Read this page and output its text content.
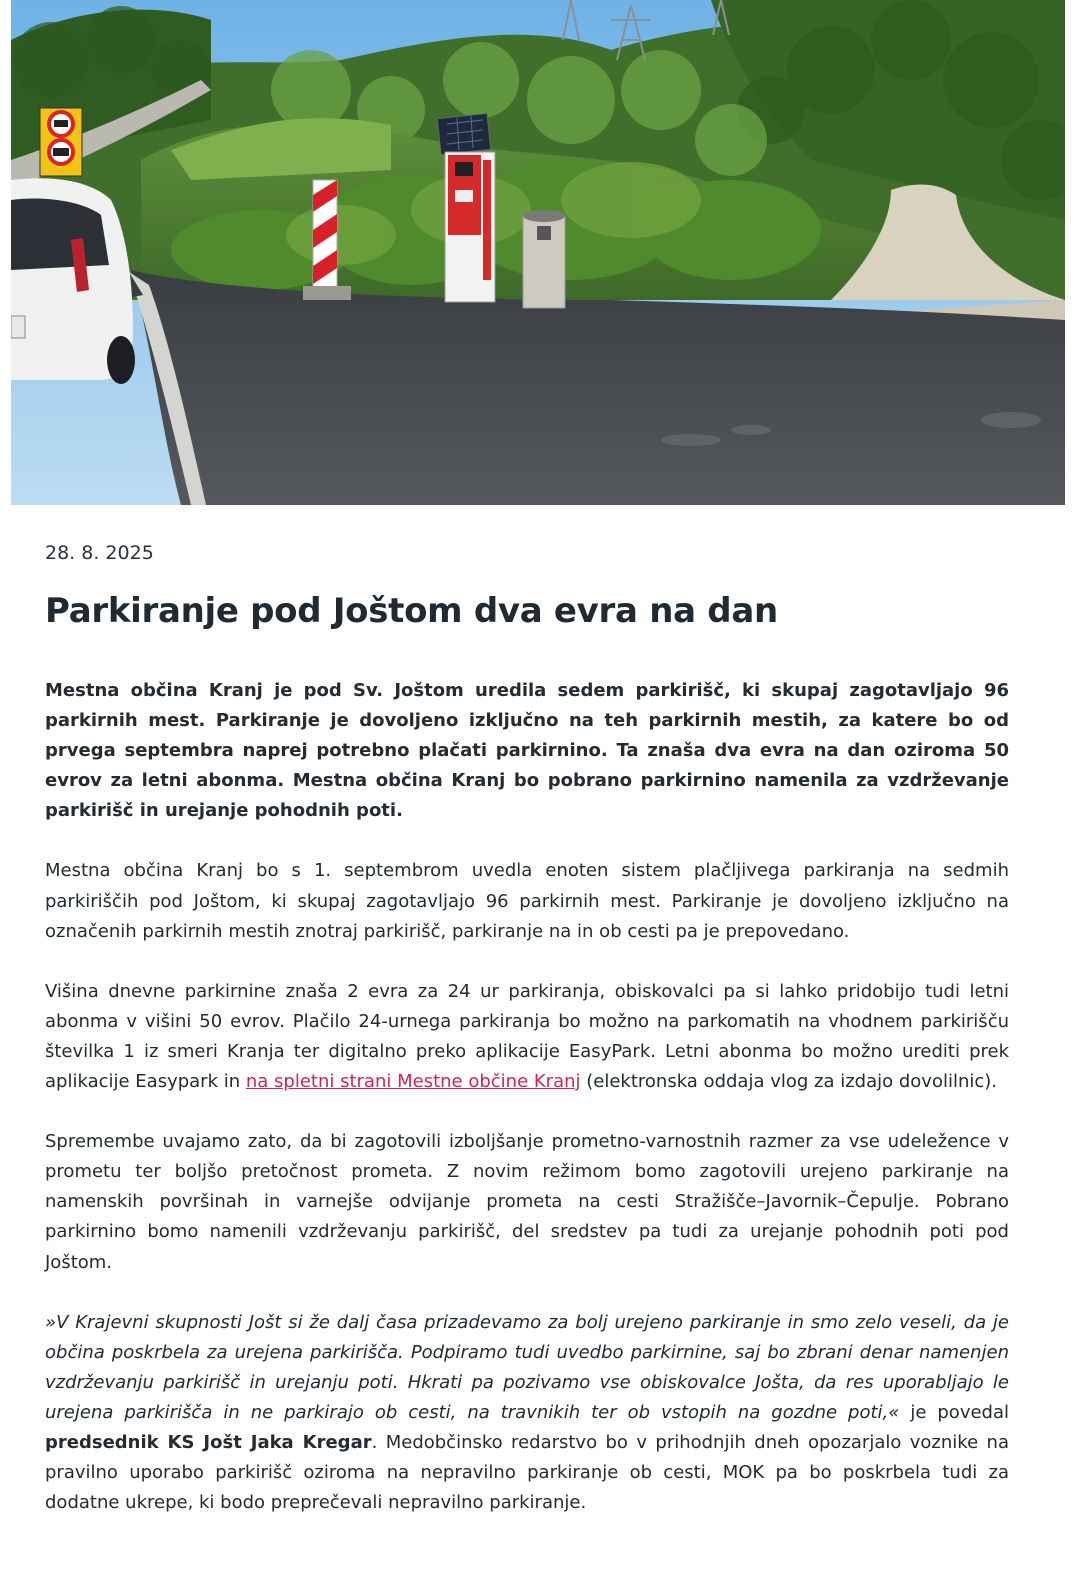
28. 8. 2025
Parkiranje pod Joštom dva evra na dan

Mestna občina Kranj je pod Sv. Joštom uredila sedem parkirišč, ki skupaj zagotavljajo 96 parkirnih mest. Parkiranje je dovoljeno izključno na teh parkirnih mestih, za katere bo od prvega septembra naprej potrebno plačati parkirnino. Ta znaša dva evra na dan oziroma 50 evrov za letni abonma. Mestna občina Kranj bo pobrano parkirnino namenila za vzdrževanje parkirišč in urejanje pohodnih poti.

Mestna občina Kranj bo s 1. septembrom uvedla enoten sistem plačljivega parkiranja na sedmih parkiriščih pod Joštom, ki skupaj zagotavljajo 96 parkirnih mest. Parkiranje je dovoljeno izključno na označenih parkirnih mestih znotraj parkirišč, parkiranje na in ob cesti pa je prepovedano.

Višina dnevne parkirnine znaša 2 evra za 24 ur parkiranja, obiskovalci pa si lahko pridobijo tudi letni abonma v višini 50 evrov. Plačilo 24-urnega parkiranja bo možno na parkomatih na vhodnem parkirišču številka 1 iz smeri Kranja ter digitalno preko aplikacije EasyPark. Letni abonma bo možno urediti prek aplikacije Easypark in na spletni strani Mestne občine Kranj (elektronska oddaja vlog za izdajo dovolilnic).

Spremembe uvajamo zato, da bi zagotovili izboljšanje prometno-varnostnih razmer za vse udeležence v prometu ter boljšo pretočnost prometa. Z novim režimom bomo zagotovili urejeno parkiranje na namenskih površinah in varnejše odvijanje prometa na cesti Stražišče–Javornik–Čepulje. Pobrano parkirnino bomo namenili vzdrževanju parkirišč, del sredstev pa tudi za urejanje pohodnih poti pod Joštom.

»V Krajevni skupnosti Jošt si že dalj časa prizadevamo za bolj urejeno parkiranje in smo zelo veseli, da je občina poskrbela za urejena parkirišča. Podpiramo tudi uvedbo parkirnine, saj bo zbrani denar namenjen vzdrževanju parkirišč in urejanju poti. Hkrati pa pozivamo vse obiskovalce Jošta, da res uporabljajo le urejena parkirišča in ne parkirajo ob cesti, na travnikih ter ob vstopih na gozdne poti,« je povedal predsednik KS Jošt Jaka Kregar. Medobčinsko redarstvo bo v prihodnjih dneh opozarjalo voznike na pravilno uporabo parkirišč oziroma na nepravilno parkiranje ob cesti, MOK pa bo poskrbela tudi za dodatne ukrepe, ki bodo preprečevali nepravilno parkiranje.
